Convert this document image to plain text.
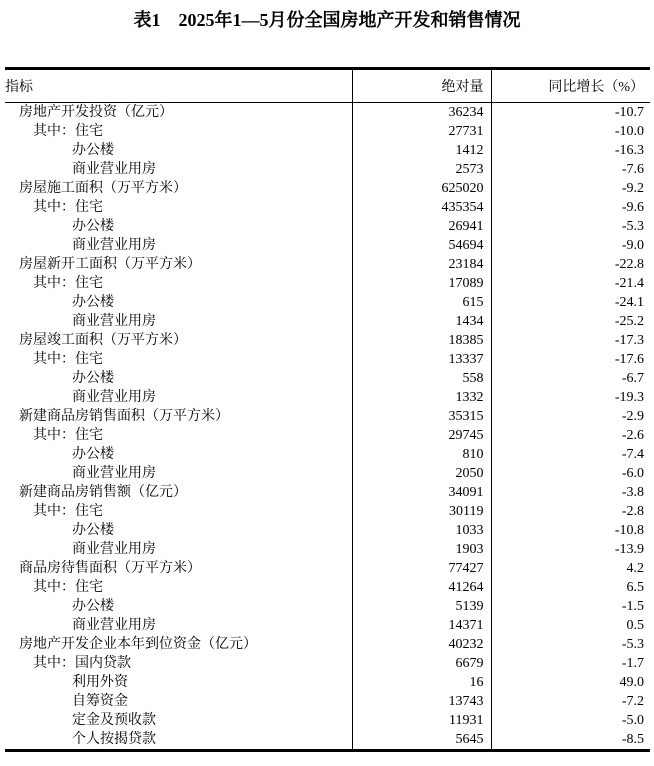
表1　2025年1—5月份全国房地产开发和销售情况
指标	绝对量	同比增长（%）
房地产开发投资（亿元）	36234	-10.7
其中：住宅	27731	-10.0
办公楼	1412	-16.3
商业营业用房	2573	-7.6
房屋施工面积（万平方米）	625020	-9.2
其中：住宅	435354	-9.6
办公楼	26941	-5.3
商业营业用房	54694	-9.0
房屋新开工面积（万平方米）	23184	-22.8
其中：住宅	17089	-21.4
办公楼	615	-24.1
商业营业用房	1434	-25.2
房屋竣工面积（万平方米）	18385	-17.3
其中：住宅	13337	-17.6
办公楼	558	-6.7
商业营业用房	1332	-19.3
新建商品房销售面积（万平方米）	35315	-2.9
其中：住宅	29745	-2.6
办公楼	810	-7.4
商业营业用房	2050	-6.0
新建商品房销售额（亿元）	34091	-3.8
其中：住宅	30119	-2.8
办公楼	1033	-10.8
商业营业用房	1903	-13.9
商品房待售面积（万平方米）	77427	4.2
其中：住宅	41264	6.5
办公楼	5139	-1.5
商业营业用房	14371	0.5
房地产开发企业本年到位资金（亿元）	40232	-5.3
其中：国内贷款	6679	-1.7
利用外资	16	49.0
自筹资金	13743	-7.2
定金及预收款	11931	-5.0
个人按揭贷款	5645	-8.5
